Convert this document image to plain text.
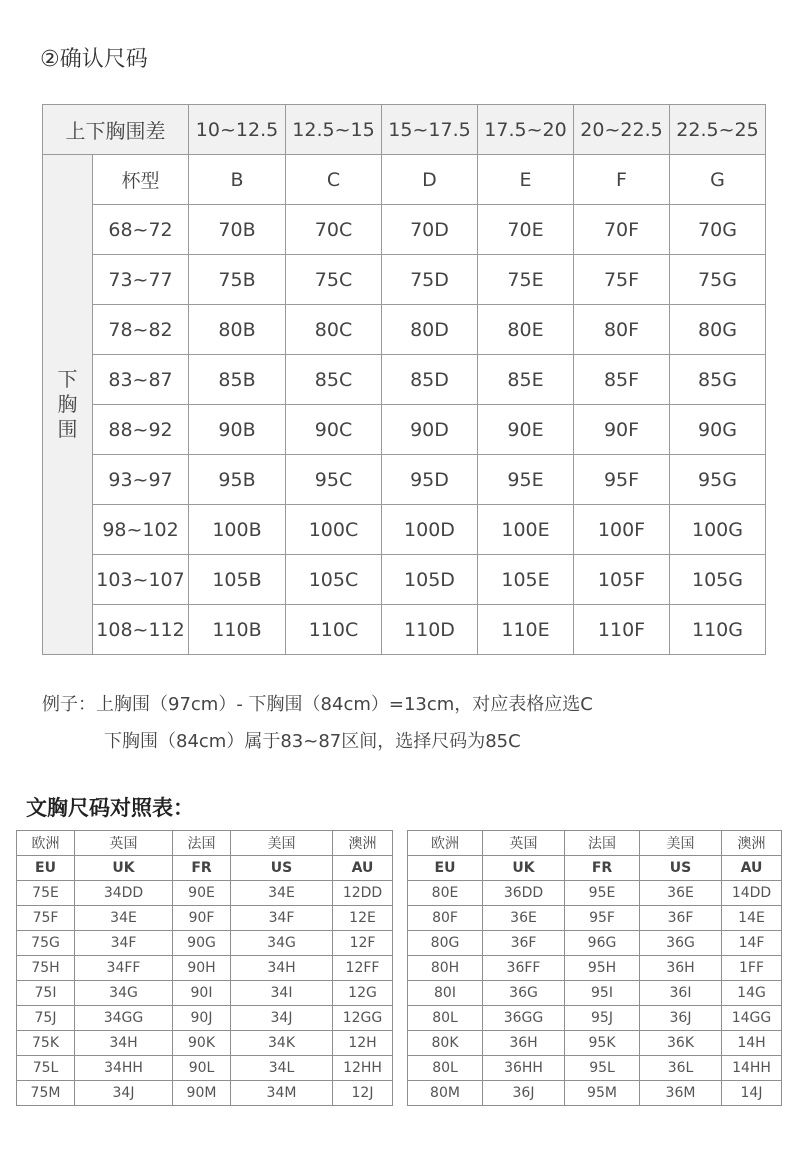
②确认尺码
上下胸围差		10~12.5	12.5~15	15~17.5	17.5~20	20~22.5	22.5~25

下
胸
围	杯型	B	C	D	E	F	G
	68~72	70B	70C	70D	70E	70F	70G
	73~77	75B	75C	75D	75E	75F	75G
	78~82	80B	80C	80D	80E	80F	80G
	83~87	85B	85C	85D	85E	85F	85G
	88~92	90B	90C	90D	90E	90F	90G
	93~97	95B	95C	95D	95E	95F	95G
	98~102	100B	100C	100D	100E	100F	100G
	103~107	105B	105C	105D	105E	105F	105G
	108~112	110B	110C	110D	110E	110F	110G
例子：上胸围（97cm）- 下胸围（84cm）=13cm，对应表格应选C
下胸围（84cm）属于83~87区间，选择尺码为85C
文胸尺码对照表：
欧洲	英国	法国	美国	澳洲
EU	UK	FR	US	AU
75E	34DD	90E	34E	12DD
75F	34E	90F	34F	12E
75G	34F	90G	34G	12F
75H	34FF	90H	34H	12FF
75I	34G	90I	34I	12G
75J	34GG	90J	34J	12GG
75K	34H	90K	34K	12H
75L	34HH	90L	34L	12HH
75M	34J	90M	34M	12J
欧洲	英国	法国	美国	澳洲
EU	UK	FR	US	AU
80E	36DD	95E	36E	14DD
80F	36E	95F	36F	14E
80G	36F	96G	36G	14F
80H	36FF	95H	36H	1FF
80I	36G	95I	36I	14G
80L	36GG	95J	36J	14GG
80K	36H	95K	36K	14H
80L	36HH	95L	36L	14HH
80M	36J	95M	36M	14J
